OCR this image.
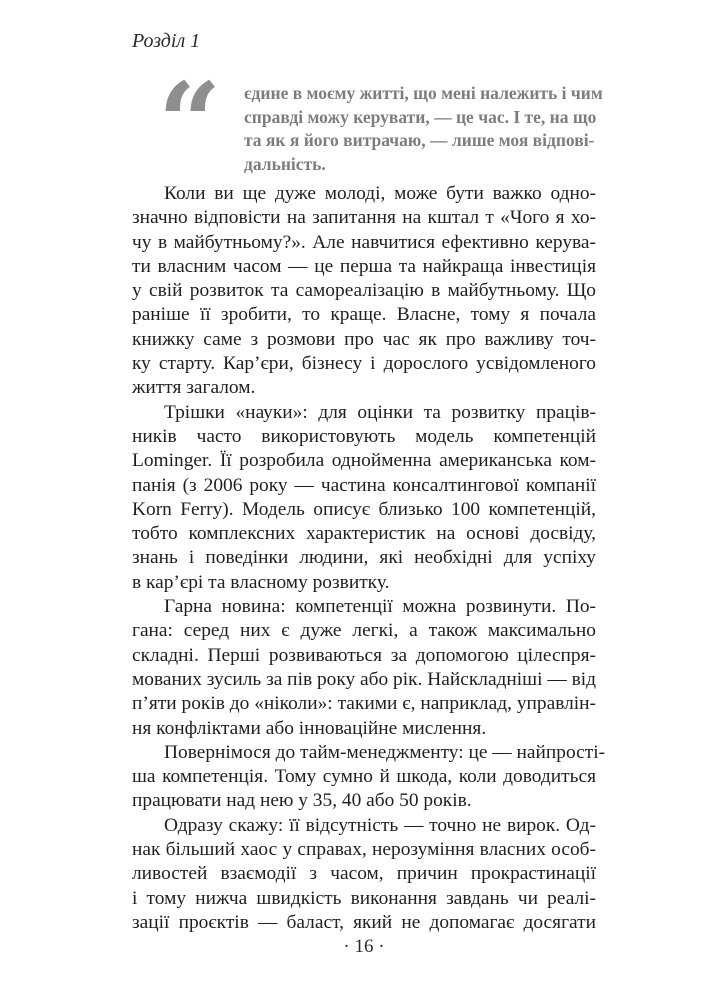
Розділ 1
“ єдине в моєму житті, що мені належить і чим
справді можу керувати, — це час. І те, на що
та як я його витрачаю, — лише моя відпові-
дальність.
Коли ви ще дуже молоді, може бути важко одно-
значно відповісти на запитання на кштал т «Чого я хо-
чу в майбутньому?». Але навчитися ефективно керува-
ти власним часом — це перша та найкраща інвестиція
у свій розвиток та самореалізацію в майбутньому. Що
раніше її зробити, то краще. Власне, тому я почала
книжку саме з розмови про час як про важливу точ-
ку старту. Кар’єри, бізнесу і дорослого усвідомленого
життя загалом.
Трішки «науки»: для оцінки та розвитку праців-
ників часто використовують модель компетенцій
Lominger. Її розробила однойменна американська ком-
панія (з 2006 року — частина консалтингової компанії
Korn Ferry). Модель описує близько 100 компетенцій,
тобто комплексних характеристик на основі досвіду,
знань і поведінки людини, які необхідні для успіху
в кар’єрі та власному розвитку.
Гарна новина: компетенції можна розвинути. По-
гана: серед них є дуже легкі, а також максимально
складні. Перші розвиваються за допомогою цілеспря-
мованих зусиль за пів року або рік. Найскладніші — від
п’яти років до «ніколи»: такими є, наприклад, управлін-
ня конфліктами або інноваційне мислення.
Повернімося до тайм-менеджменту: це — найпрості-
ша компетенція. Тому сумно й шкода, коли доводиться
працювати над нею у 35, 40 або 50 років.
Одразу скажу: її відсутність — точно не вирок. Од-
нак більший хаос у справах, нерозуміння власних особ-
ливостей взаємодії з часом, причин прокрастинації
і тому нижча швидкість виконання завдань чи реалі-
зації проєктів — баласт, який не допомагає досягати
· 16 ·
